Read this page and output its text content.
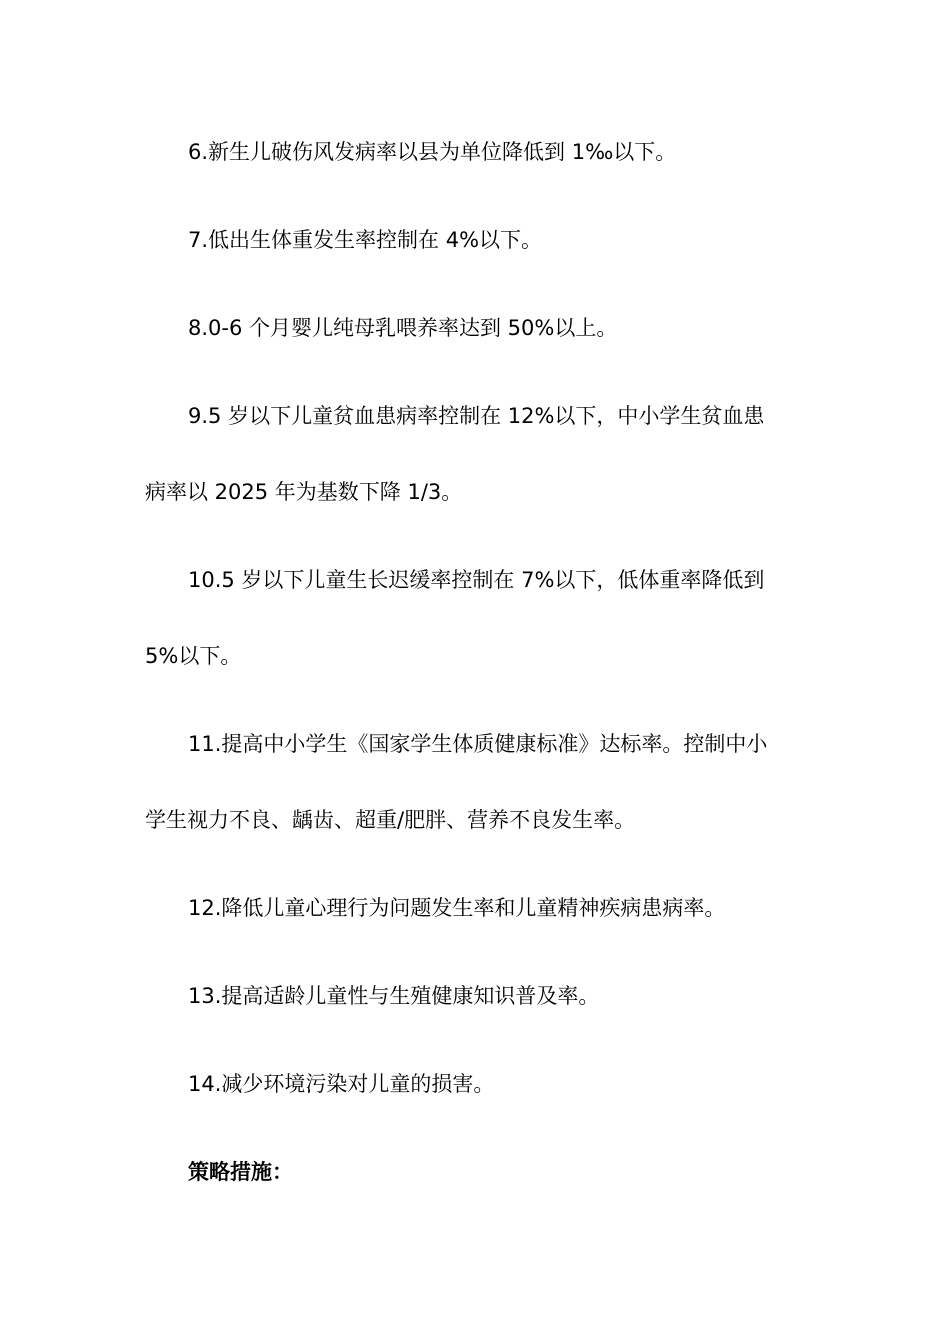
6.新生儿破伤风发病率以县为单位降低到 1‰以下。
7.低出生体重发生率控制在 4%以下。
8.0-6 个月婴儿纯母乳喂养率达到 50%以上。
9.5 岁以下儿童贫血患病率控制在 12%以下，中小学生贫血患
病率以 2025 年为基数下降 1/3。
10.5 岁以下儿童生长迟缓率控制在 7%以下，低体重率降低到
5%以下。
11.提高中小学生《国家学生体质健康标准》达标率。控制中小
学生视力不良、龋齿、超重/肥胖、营养不良发生率。
12.降低儿童心理行为问题发生率和儿童精神疾病患病率。
13.提高适龄儿童性与生殖健康知识普及率。
14.减少环境污染对儿童的损害。
策略措施：
